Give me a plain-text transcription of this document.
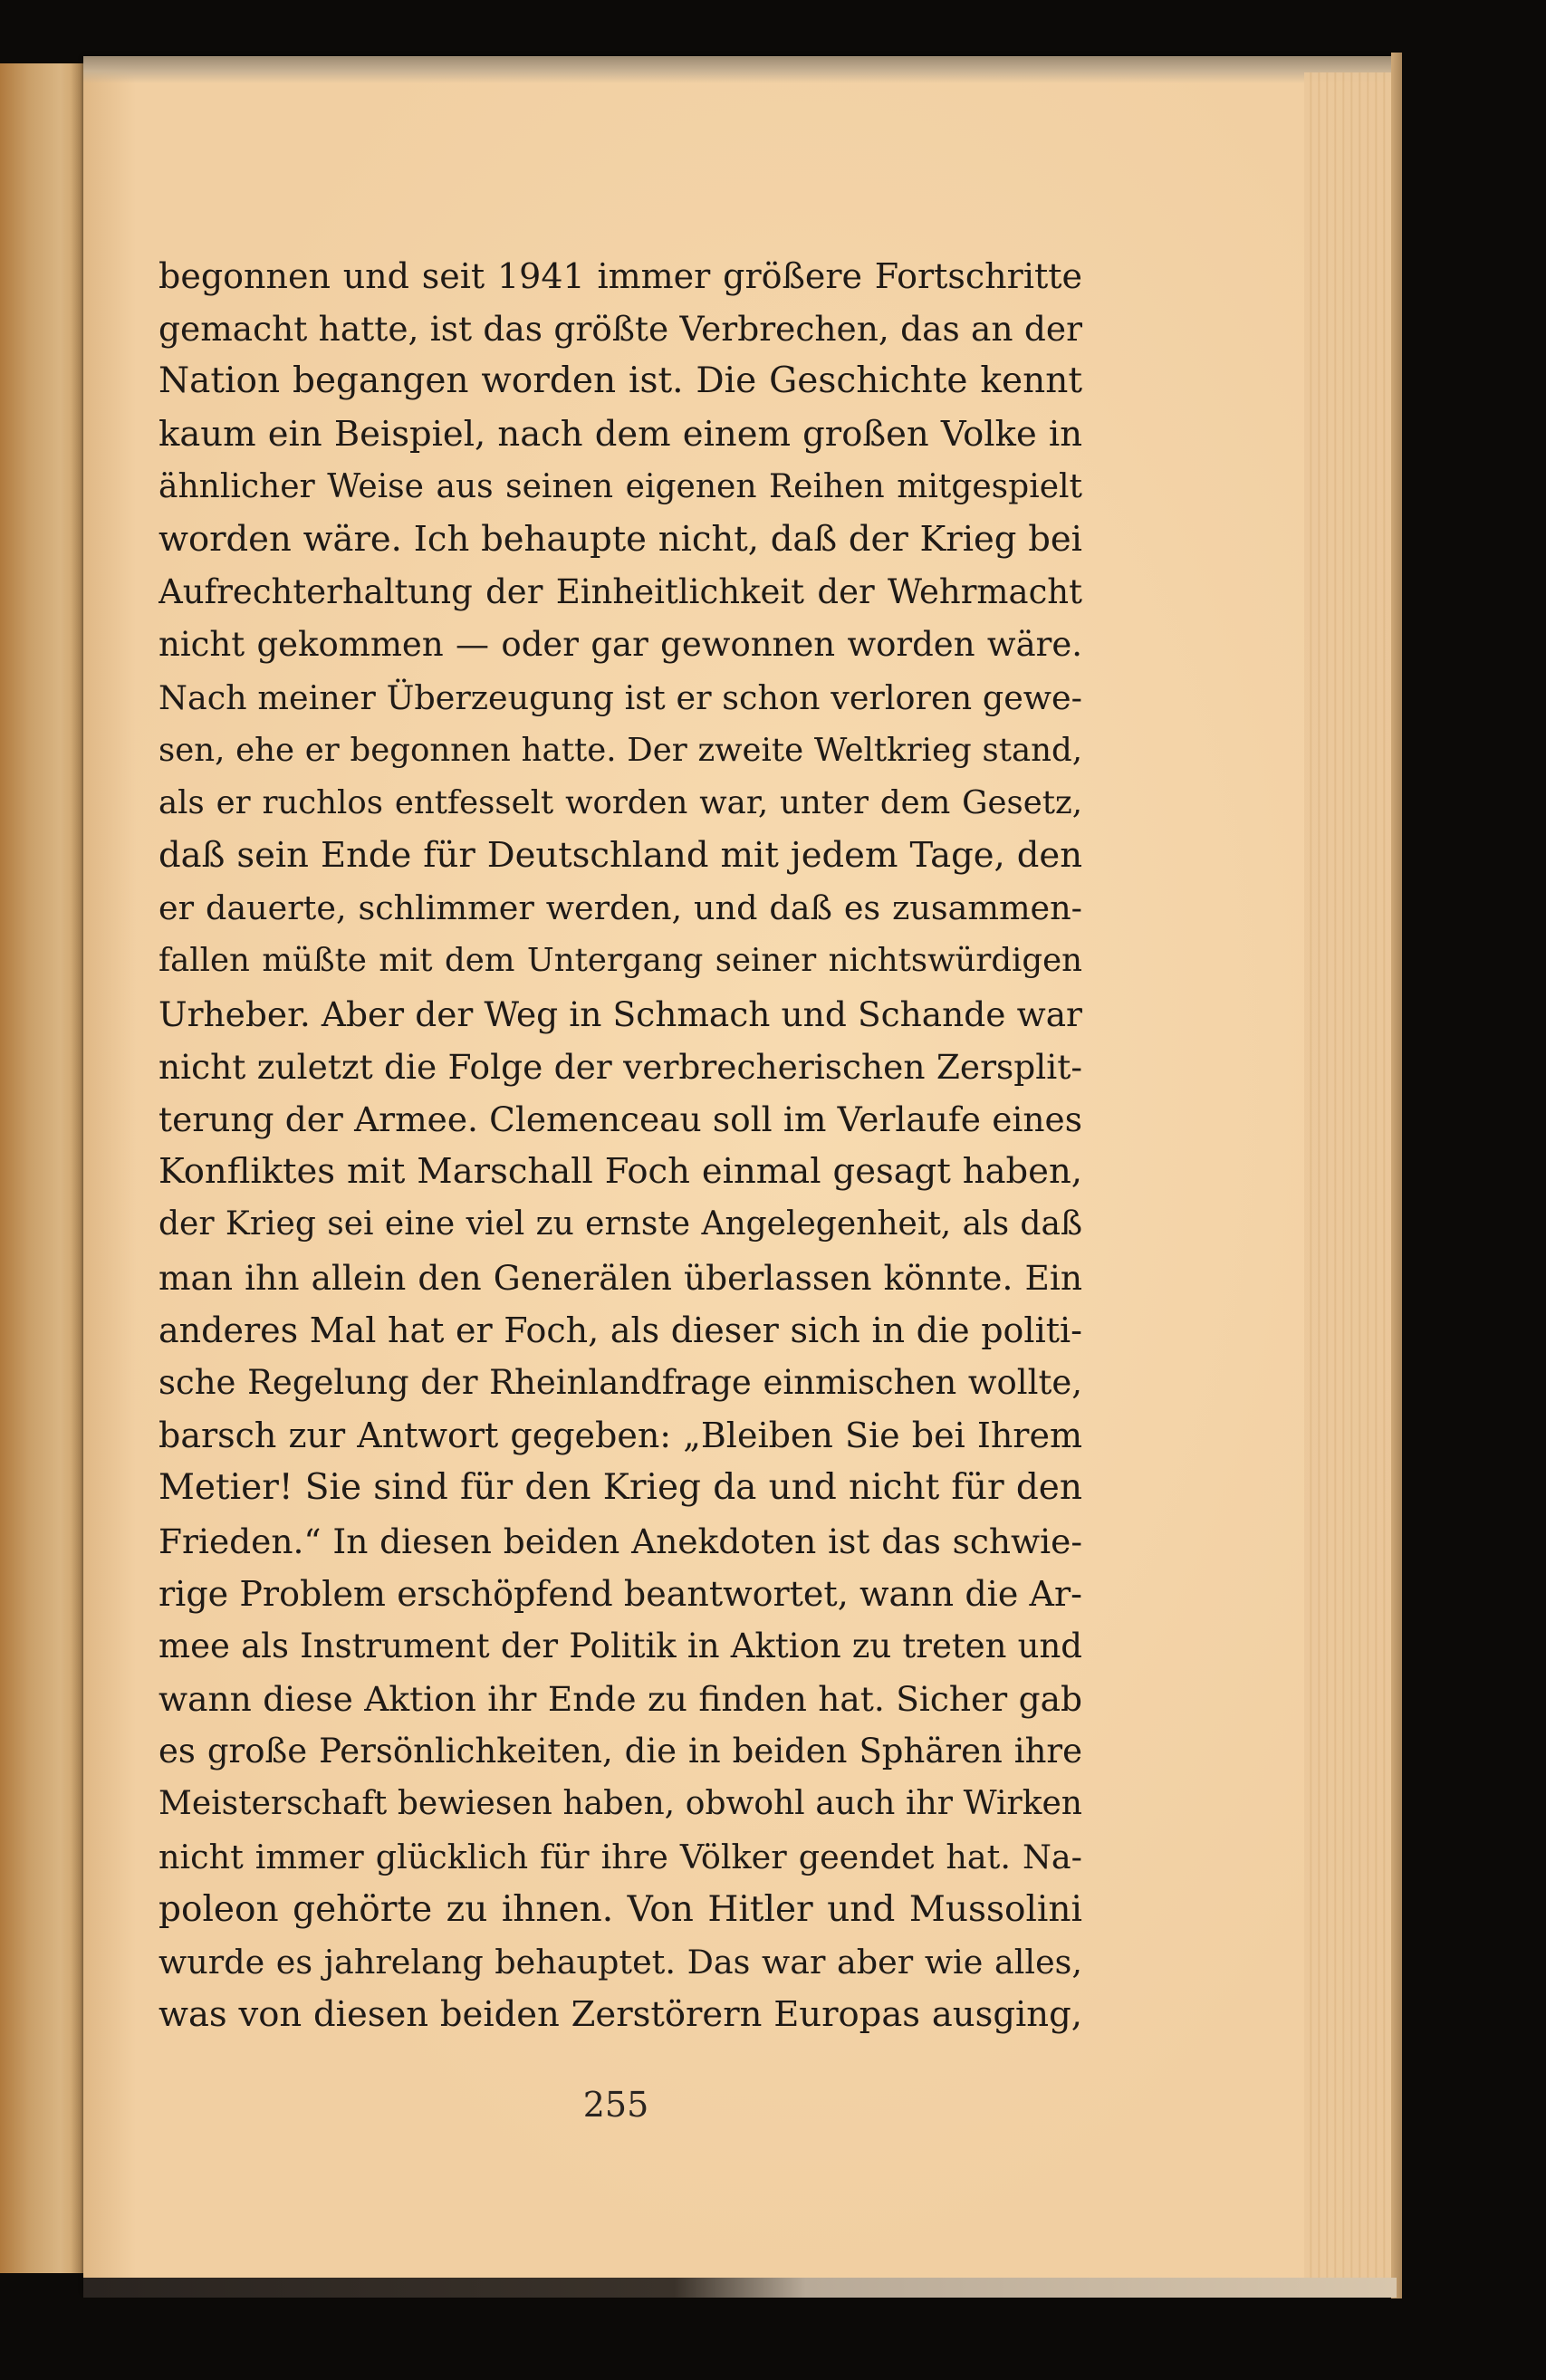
begonnen und seit 1941 immer größere Fortschritte
gemacht hatte, ist das größte Verbrechen, das an der
Nation begangen worden ist. Die Geschichte kennt
kaum ein Beispiel, nach dem einem großen Volke in
ähnlicher Weise aus seinen eigenen Reihen mitgespielt
worden wäre. Ich behaupte nicht, daß der Krieg bei
Aufrechterhaltung der Einheitlichkeit der Wehrmacht
nicht gekommen — oder gar gewonnen worden wäre.
Nach meiner Überzeugung ist er schon verloren gewe-
sen, ehe er begonnen hatte. Der zweite Weltkrieg stand,
als er ruchlos entfesselt worden war, unter dem Gesetz,
daß sein Ende für Deutschland mit jedem Tage, den
er dauerte, schlimmer werden, und daß es zusammen-
fallen müßte mit dem Untergang seiner nichtswürdigen
Urheber. Aber der Weg in Schmach und Schande war
nicht zuletzt die Folge der verbrecherischen Zersplit-
terung der Armee. Clemenceau soll im Verlaufe eines
Konfliktes mit Marschall Foch einmal gesagt haben,
der Krieg sei eine viel zu ernste Angelegenheit, als daß
man ihn allein den Generälen überlassen könnte. Ein
anderes Mal hat er Foch, als dieser sich in die politi-
sche Regelung der Rheinlandfrage einmischen wollte,
barsch zur Antwort gegeben: „Bleiben Sie bei Ihrem
Metier! Sie sind für den Krieg da und nicht für den
Frieden.“ In diesen beiden Anekdoten ist das schwie-
rige Problem erschöpfend beantwortet, wann die Ar-
mee als Instrument der Politik in Aktion zu treten und
wann diese Aktion ihr Ende zu finden hat. Sicher gab
es große Persönlichkeiten, die in beiden Sphären ihre
Meisterschaft bewiesen haben, obwohl auch ihr Wirken
nicht immer glücklich für ihre Völker geendet hat. Na-
poleon gehörte zu ihnen. Von Hitler und Mussolini
wurde es jahrelang behauptet. Das war aber wie alles,
was von diesen beiden Zerstörern Europas ausging,
255
